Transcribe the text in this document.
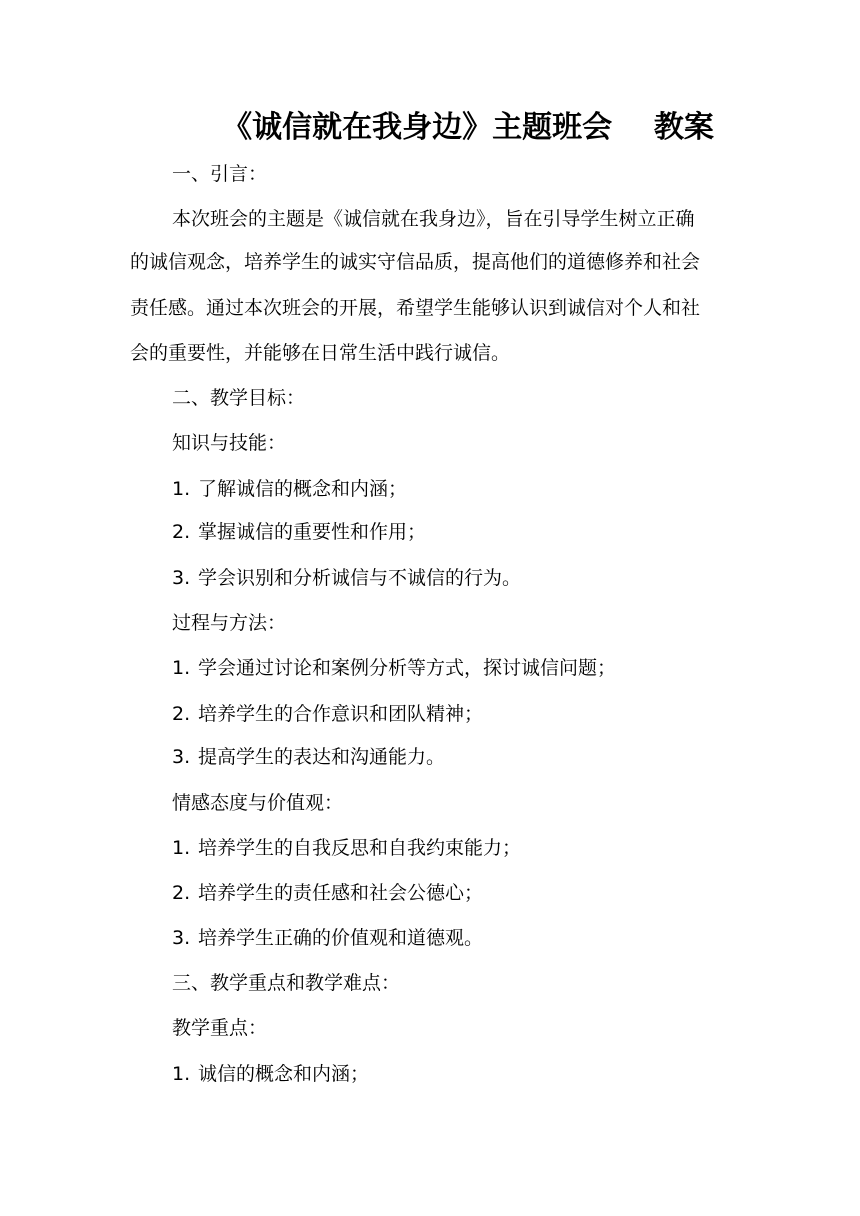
《诚信就在我身边》主题班会    教案
一、引言：
本次班会的主题是《诚信就在我身边》，旨在引导学生树立正确
的诚信观念，培养学生的诚实守信品质，提高他们的道德修养和社会
责任感。通过本次班会的开展，希望学生能够认识到诚信对个人和社
会的重要性，并能够在日常生活中践行诚信。
二、教学目标：
知识与技能：
1. 了解诚信的概念和内涵；
2. 掌握诚信的重要性和作用；
3. 学会识别和分析诚信与不诚信的行为。
过程与方法：
1. 学会通过讨论和案例分析等方式，探讨诚信问题；
2. 培养学生的合作意识和团队精神；
3. 提高学生的表达和沟通能力。
情感态度与价值观：
1. 培养学生的自我反思和自我约束能力；
2. 培养学生的责任感和社会公德心；
3. 培养学生正确的价值观和道德观。
三、教学重点和教学难点：
教学重点：
1. 诚信的概念和内涵；
